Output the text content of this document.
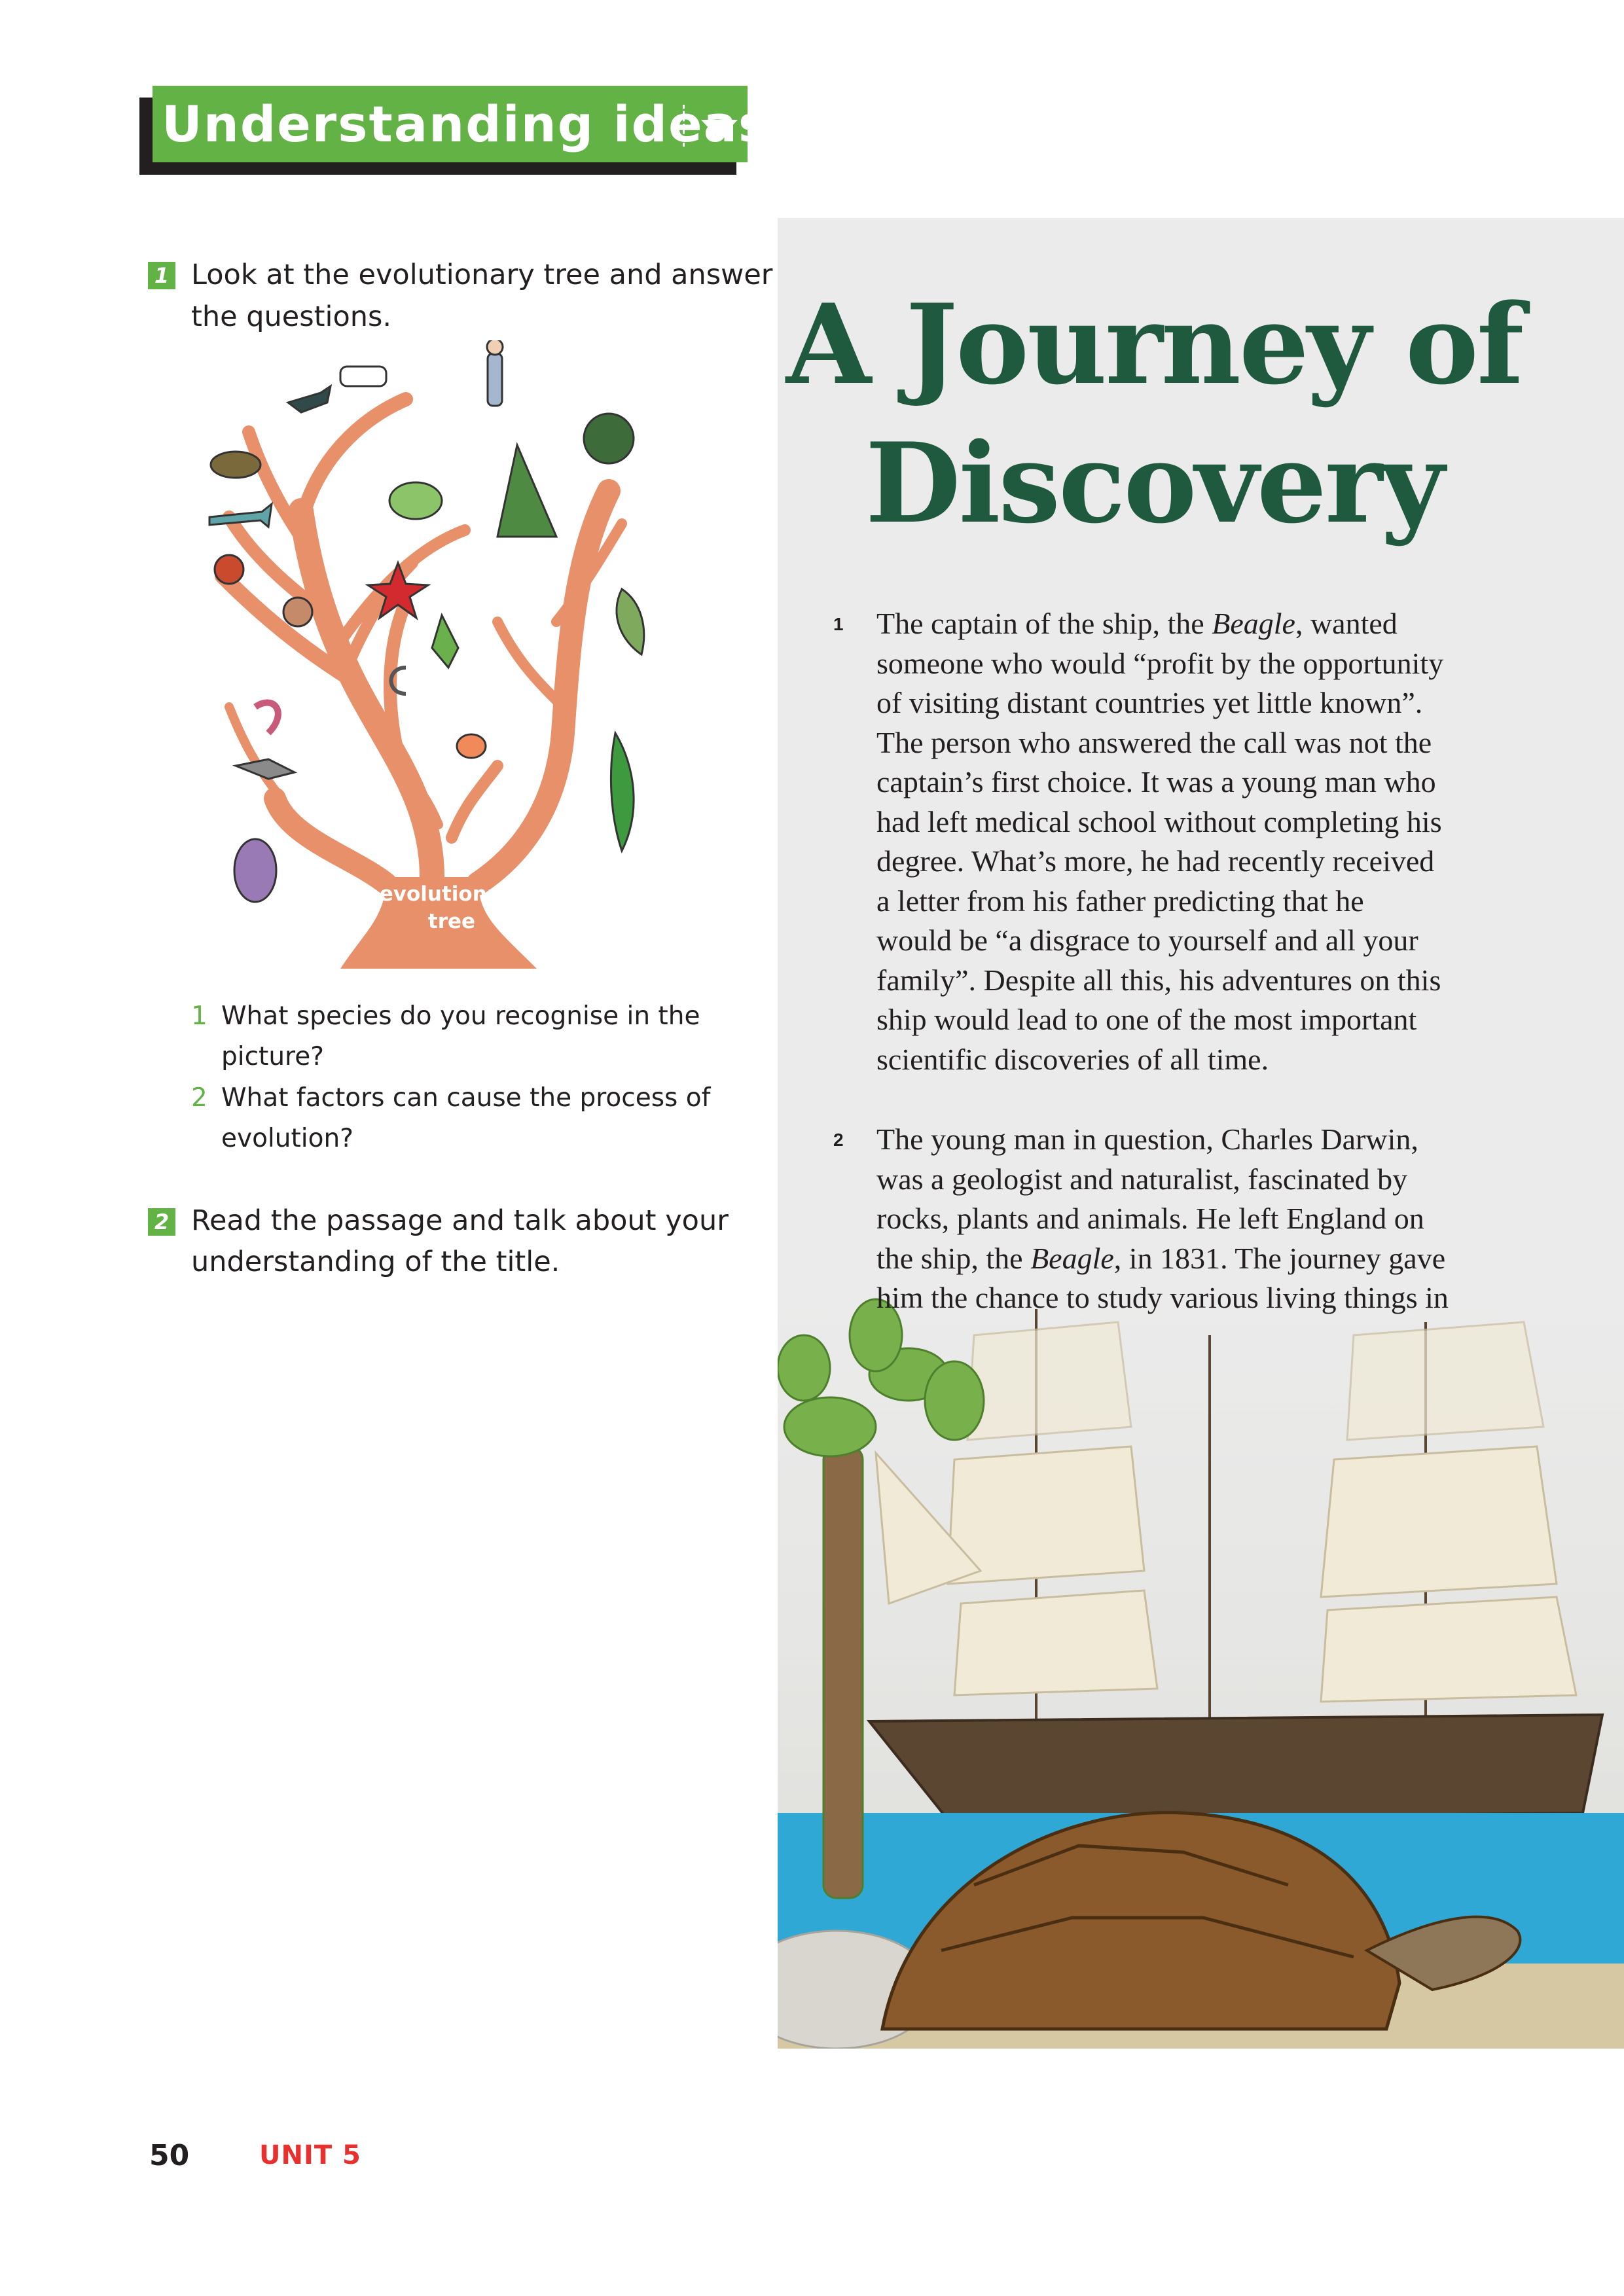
Understanding ideas
1 Look at the evolutionary tree and answer
the questions.
evolutionary
tree
1 What species do you recognise in the
picture?
2 What factors can cause the process of
evolution?
2 Read the passage and talk about your
understanding of the title.
A Journey of
Discovery
1 The captain of the ship, the Beagle, wanted
someone who would “profit by the opportunity
of visiting distant countries yet little known”.
The person who answered the call was not the
captain’s first choice. It was a young man who
had left medical school without completing his
degree. What’s more, he had recently received
a letter from his father predicting that he
would be “a disgrace to yourself and all your
family”. Despite all this, his adventures on this
ship would lead to one of the most important
scientific discoveries of all time.
2 The young man in question, Charles Darwin,
was a geologist and naturalist, fascinated by
rocks, plants and animals. He left England on
the ship, the Beagle, in 1831. The journey gave
him the chance to study various living things in
50	UNIT 5
